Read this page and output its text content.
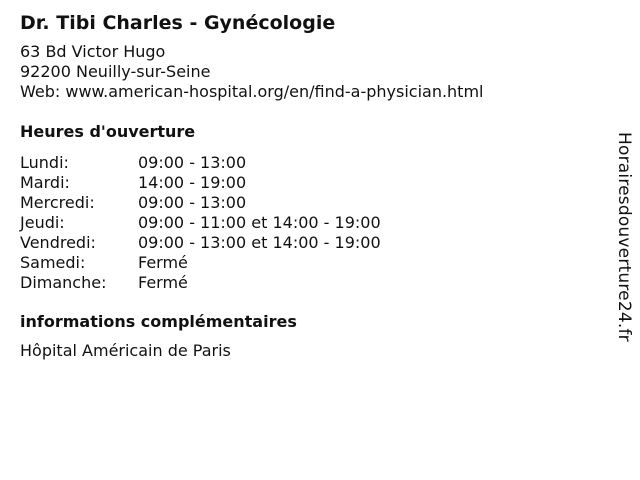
Dr. Tibi Charles - Gynécologie
63 Bd Victor Hugo
92200 Neuilly-sur-Seine
Web: www.american-hospital.org/en/find-a-physician.html
Heures d'ouverture
Lundi:	09:00 - 13:00
Mardi:	14:00 - 19:00
Mercredi:	09:00 - 13:00
Jeudi:	09:00 - 11:00 et 14:00 - 19:00
Vendredi:	09:00 - 13:00 et 14:00 - 19:00
Samedi:	Fermé
Dimanche:	Fermé
informations complémentaires
Hôpital Américain de Paris
Horairesdouverture24.fr
